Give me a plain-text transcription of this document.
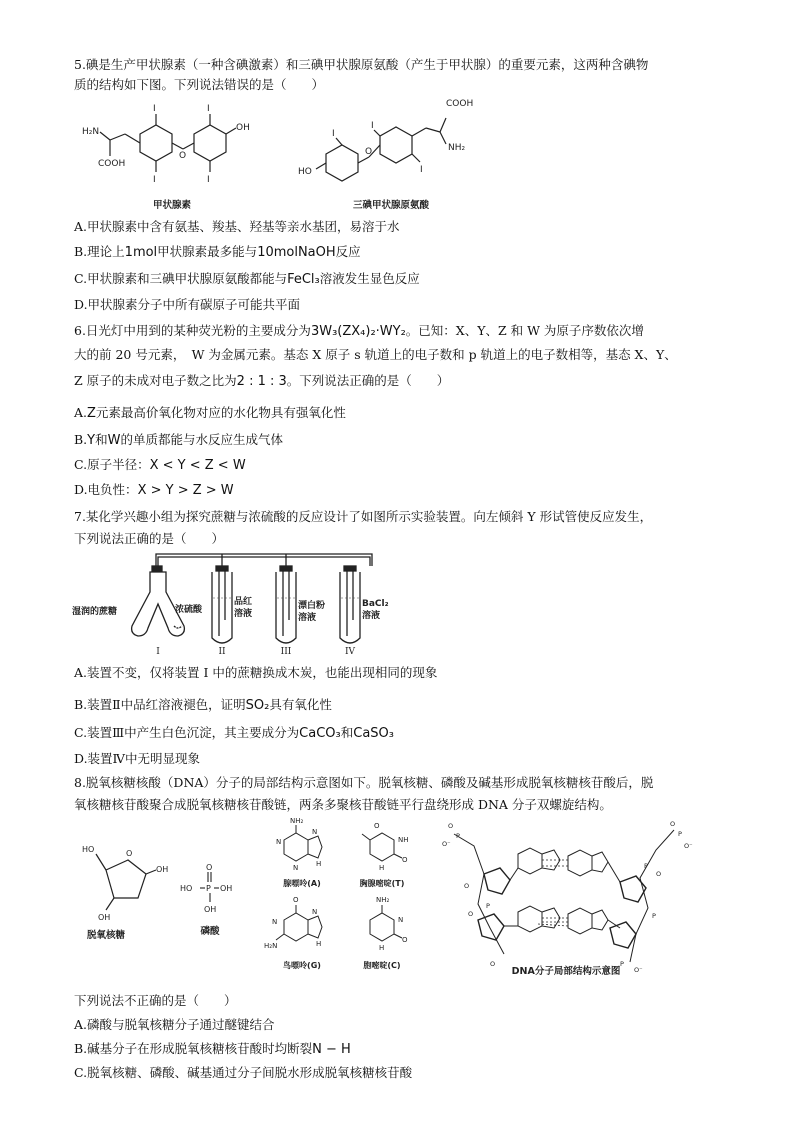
5.碘是生产甲状腺素（一种含碘激素）和三碘甲状腺原氨酸（产生于甲状腺）的重要元素，这两种含碘物
质的结构如下图。下列说法错误的是（　　）
H₂N
COOH
I
I
I
I
O
OH
甲状腺素
COOH
NH₂
HO
I
I
I
O
三碘甲状腺原氨酸
A.甲状腺素中含有氨基、羧基、羟基等亲水基团，易溶于水
B.理论上1mol甲状腺素最多能与10molNaOH反应
C.甲状腺素和三碘甲状腺原氨酸都能与FeCl₃溶液发生显色反应
D.甲状腺素分子中所有碳原子可能共平面
6.日光灯中用到的某种荧光粉的主要成分为3W₃(ZX₄)₂·WY₂。已知：X、Y、Z 和 W 为原子序数依次增
大的前 20 号元素，　W 为金属元素。基态 X 原子 s 轨道上的电子数和 p 轨道上的电子数相等，基态 X、Y、
Z 原子的未成对电子数之比为2 : 1 : 3。下列说法正确的是（　　）
A.Z元素最高价氧化物对应的水化物具有强氧化性
B.Y和W的单质都能与水反应生成气体
C.原子半径：X < Y < Z < W
D.电负性：X > Y > Z > W
7.某化学兴趣小组为探究蔗糖与浓硫酸的反应设计了如图所示实验装置。向左倾斜 Y 形试管使反应发生，
下列说法正确的是（　　）
湿润的蔗糖	浓硫酸
品红
溶液
漂白粉
溶液
BaCl₂
溶液
I	II	III	IV
A.装置不变，仅将装置 I 中的蔗糖换成木炭，也能出现相同的现象
B.装置Ⅱ中品红溶液褪色，证明SO₂具有氧化性
C.装置Ⅲ中产生白色沉淀，其主要成分为CaCO₃和CaSO₃
D.装置Ⅳ中无明显现象
8.脱氧核糖核酸（DNA）分子的局部结构示意图如下。脱氧核糖、磷酸及碱基形成脱氧核糖核苷酸后，脱
氧核糖核苷酸聚合成脱氧核糖核苷酸链，两条多聚核苷酸链平行盘绕形成 DNA 分子双螺旋结构。
HO	O
OH
OH
脱氧核糖
O
HO P OH
OH
磷酸
NH₂
N
N
N	H
O
NH
O
H
O
N
N
H₂N	H
NH₂
N
O
H
腺嘌呤(A)	胸腺嘧啶(T)
鸟嘌呤(G)	胞嘧啶(C)
O
P
O⁻
O
P
O⁻
O
O
P
P
O
P
O	P
O⁻
DNA分子局部结构示意图
下列说法不正确的是（　　）
A.磷酸与脱氧核糖分子通过醚键结合
B.碱基分子在形成脱氧核糖核苷酸时均断裂N − H
C.脱氧核糖、磷酸、碱基通过分子间脱水形成脱氧核糖核苷酸
